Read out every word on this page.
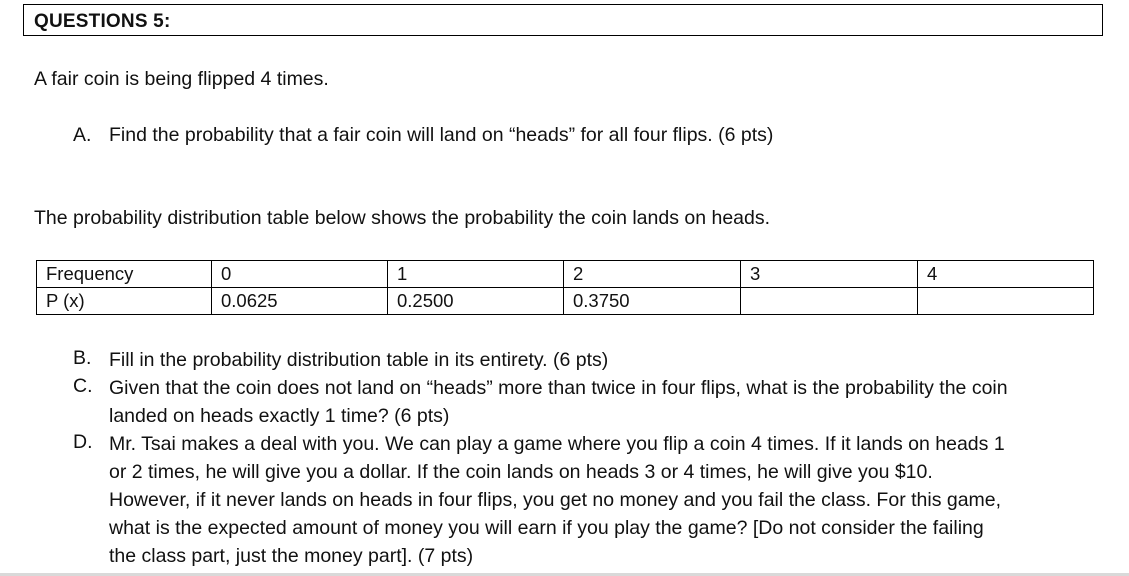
QUESTIONS 5:
A fair coin is being flipped 4 times.
A. Find the probability that a fair coin will land on “heads” for all four flips. (6 pts)
The probability distribution table below shows the probability the coin lands on heads.
Frequency	0	1	2	3	4
P (x)	0.0625	0.2500	0.3750		
B. Fill in the probability distribution table in its entirety. (6 pts)
C. Given that the coin does not land on “heads” more than twice in four flips, what is the probability the coin
landed on heads exactly 1 time? (6 pts)
D. Mr. Tsai makes a deal with you. We can play a game where you flip a coin 4 times. If it lands on heads 1
or 2 times, he will give you a dollar. If the coin lands on heads 3 or 4 times, he will give you $10.
However, if it never lands on heads in four flips, you get no money and you fail the class. For this game,
what is the expected amount of money you will earn if you play the game? [Do not consider the failing
the class part, just the money part]. (7 pts)
